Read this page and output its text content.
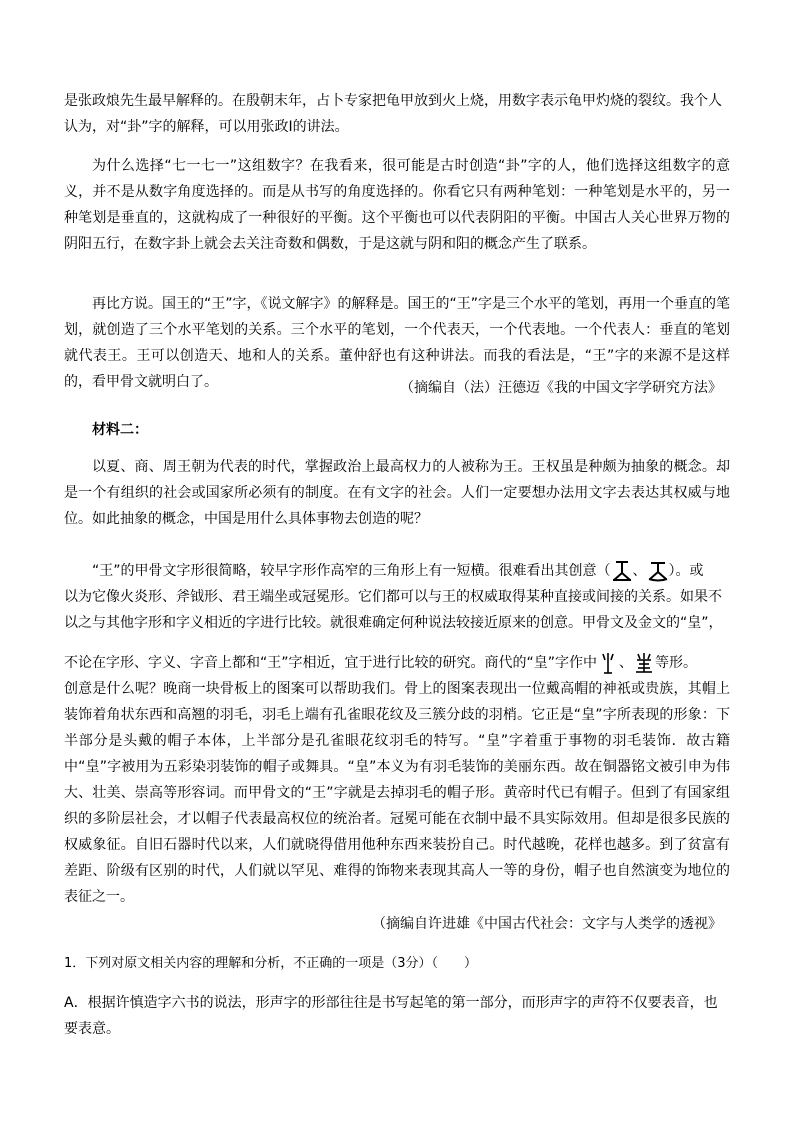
是张政烺先生最早解释的。在殷朝末年，占卜专家把龟甲放到火上烧，用数字表示龟甲灼烧的裂纹。我个人
认为，对“卦”字的解释，可以用张政Ⅰ的讲法。
为什么选择“七一七一”这组数字？在我看来，很可能是古时创造“卦”字的人，他们选择这组数字的意义，并不是从数字角度选择的。而是从书写的角度选择的。你看它只有两种笔划：一种笔划是水平的，另一种笔划是垂直的，这就构成了一种很好的平衡。这个平衡也可以代表阴阳的平衡。中国古人关心世界万物的阴阳五行，在数字卦上就会去关注奇数和偶数，于是这就与阴和阳的概念产生了联系。
再比方说。国王的“王”字，《说文解字》的解释是。国王的“王”字是三个水平的笔划，再用一个垂直的笔划，就创造了三个水平笔划的关系。三个水平的笔划，一个代表天，一个代表地。一个代表人：垂直的笔划就代表王。王可以创造天、地和人的关系。董仲舒也有这种讲法。而我的看法是，“王”字的来源不是这样的，看甲骨文就明白了。	（摘编自（法）汪德迈《我的中国文字学研究方法》
材料二：
以夏、商、周王朝为代表的时代，掌握政治上最高权力的人被称为王。王权虽是种颇为抽象的概念。却是一个有组织的社会或国家所必须有的制度。在有文字的社会。人们一定要想办法用文字去表达其权威与地位。如此抽象的概念，中国是用什么具体事物去创造的呢？
“王”的甲骨文字形很简略，较早字形作高窄的三角形上有一短横。很难看出其创意（ 、 ）。或
以为它像火炎形、斧钺形、君王端坐或冠冕形。它们都可以与王的权威取得某种直接或间接的关系。如果不
以之与其他字形和字义相近的字进行比较。就很难确定何种说法较接近原来的创意。甲骨文及金文的“皇”，
不论在字形、字义、字音上都和“王”字相近，宜于进行比较的研究。商代的“皇”字作中 、 等形。
创意是什么呢？晚商一块骨板上的图案可以帮助我们。骨上的图案表现出一位戴高帽的神祇或贵族，其帽上装饰着角状东西和高翘的羽毛，羽毛上端有孔雀眼花纹及三簇分歧的羽梢。它正是“皇”字所表现的形象：下半部分是头戴的帽子本体，上半部分是孔雀眼花纹羽毛的特写。“皇”字着重于事物的羽毛装饰．故古籍中“皇”字被用为五彩染羽装饰的帽子或舞具。“皇”本义为有羽毛装饰的美丽东西。故在铜器铭文被引申为伟大、壮美、崇高等形容词。而甲骨文的“王”字就是去掉羽毛的帽子形。黄帝时代已有帽子。但到了有国家组织的多阶层社会，才以帽子代表最高权位的统治者。冠冕可能在衣制中最不具实际效用。但却是很多民族的权威象征。自旧石器时代以来，人们就晓得借用他种东西来装扮自己。时代越晚，花样也越多。到了贫富有差距、阶级有区别的时代，人们就以罕见、难得的饰物来表现其高人一等的身份，帽子也自然演变为地位的表征之一。
（摘编自许进雄《中国古代社会：文字与人类学的透视》
1．下列对原文相关内容的理解和分析，不正确的一项是（3分）（　　）
A．根据许慎造字六书的说法，形声字的形部往往是书写起笔的第一部分，而形声字的声符不仅要表音，也要表意。
